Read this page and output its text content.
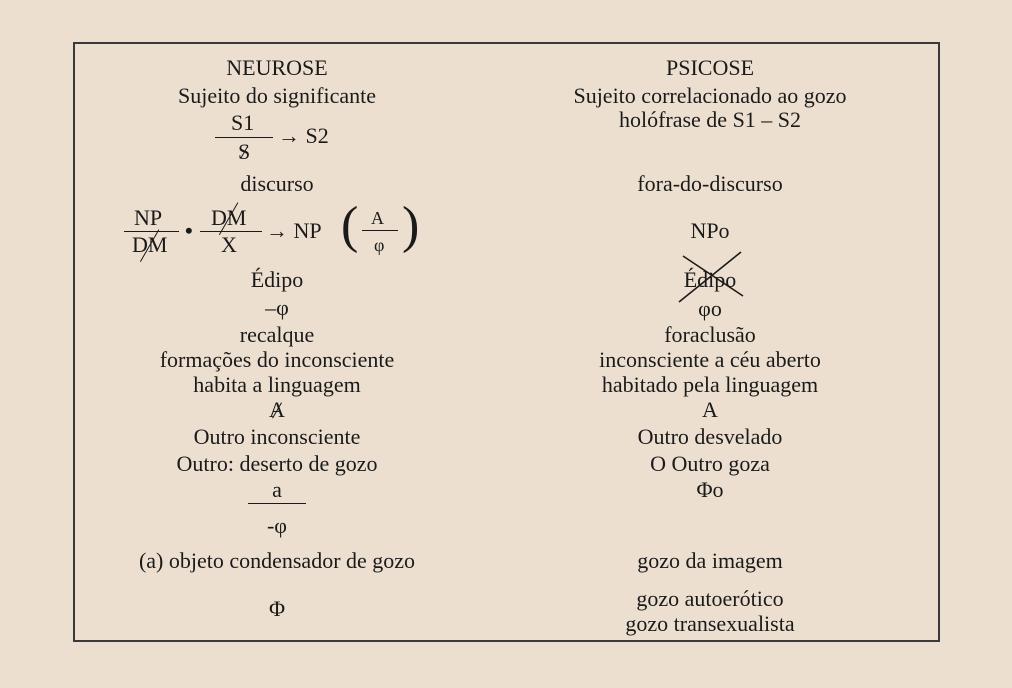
NEUROSE
Sujeito do significante
S1
→ S2
S
discurso
NP
DM
•
DM
X
→ NP ( A
φ )
Édipo
–φ
recalque
formações do inconsciente
habita a linguagem
A
Outro inconsciente
Outro: deserto de gozo
a
-φ
(a) objeto condensador de gozo
Φ
PSICOSE
Sujeito correlacionado ao gozo
holófrase de S1 – S2
fora-do-discurso
NPo
Édipo
φo
foraclusão
inconsciente a céu aberto
habitado pela linguagem
A
Outro desvelado
O Outro goza
Φo
gozo da imagem
gozo autoerótico
gozo transexualista
